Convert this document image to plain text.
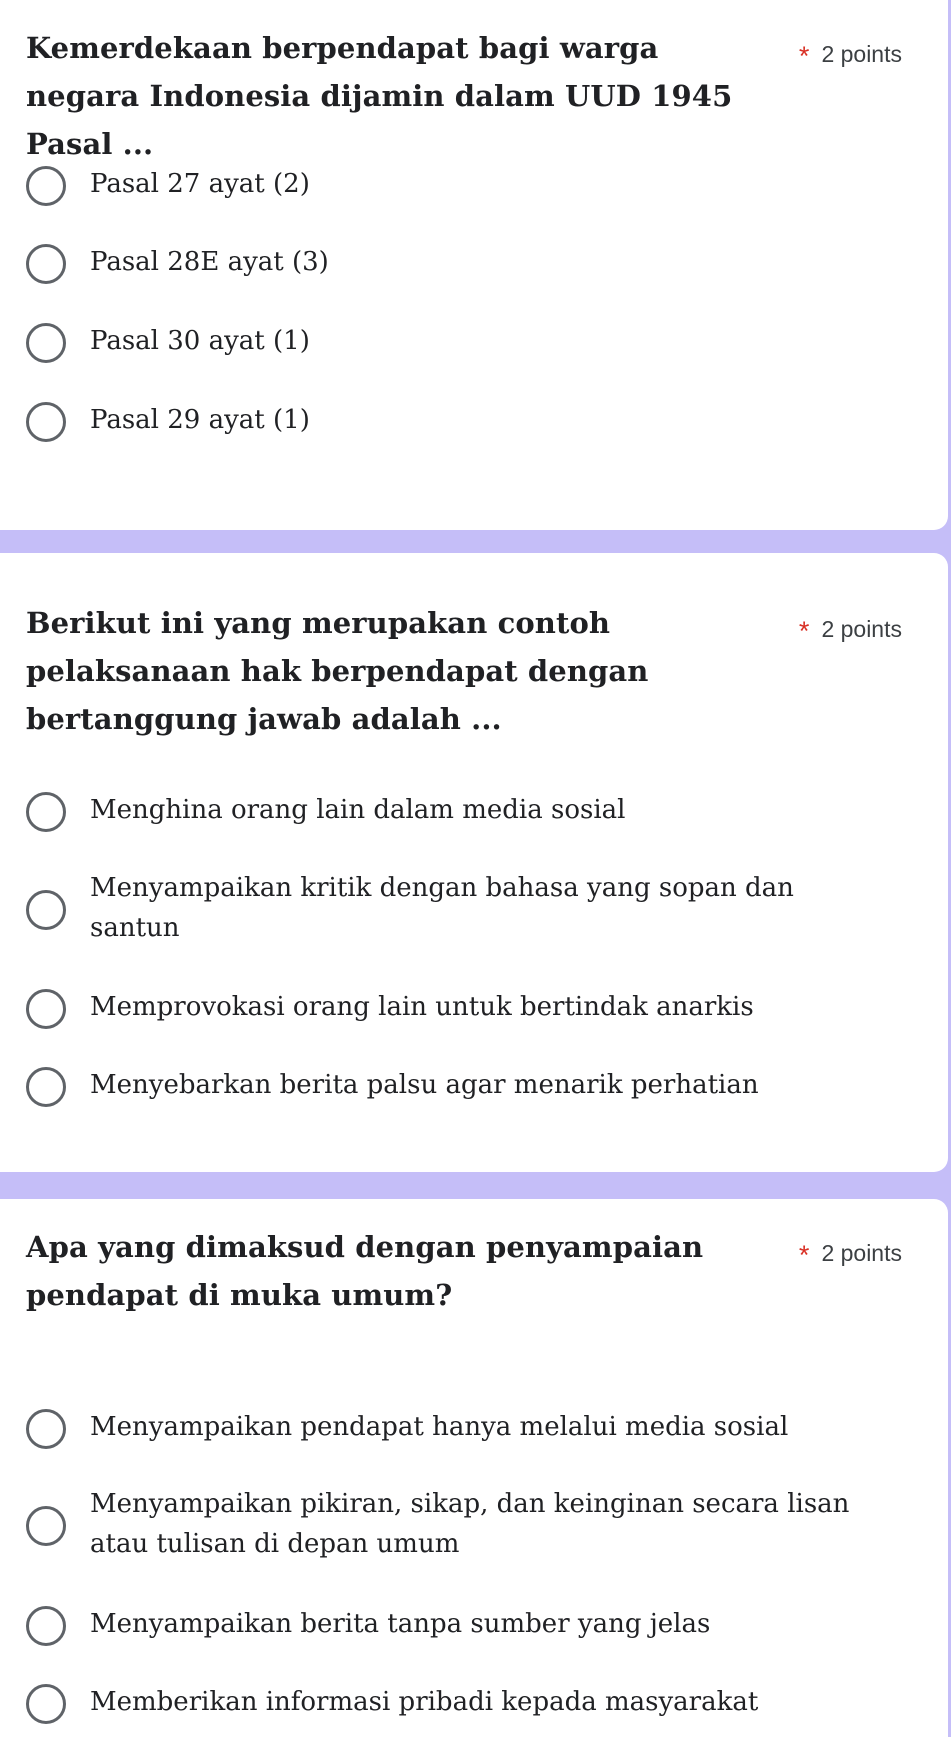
Kemerdekaan berpendapat bagi warga negara Indonesia dijamin dalam UUD 1945 Pasal ...
* 2 points
Pasal 27 ayat (2)
Pasal 28E ayat (3)
Pasal 30 ayat (1)
Pasal 29 ayat (1)
Berikut ini yang merupakan contoh pelaksanaan hak berpendapat dengan bertanggung jawab adalah ...
* 2 points
Menghina orang lain dalam media sosial
Menyampaikan kritik dengan bahasa yang sopan dan santun
Memprovokasi orang lain untuk bertindak anarkis
Menyebarkan berita palsu agar menarik perhatian
Apa yang dimaksud dengan penyampaian pendapat di muka umum?
* 2 points
Menyampaikan pendapat hanya melalui media sosial
Menyampaikan pikiran, sikap, dan keinginan secara lisan atau tulisan di depan umum
Menyampaikan berita tanpa sumber yang jelas
Memberikan informasi pribadi kepada masyarakat
